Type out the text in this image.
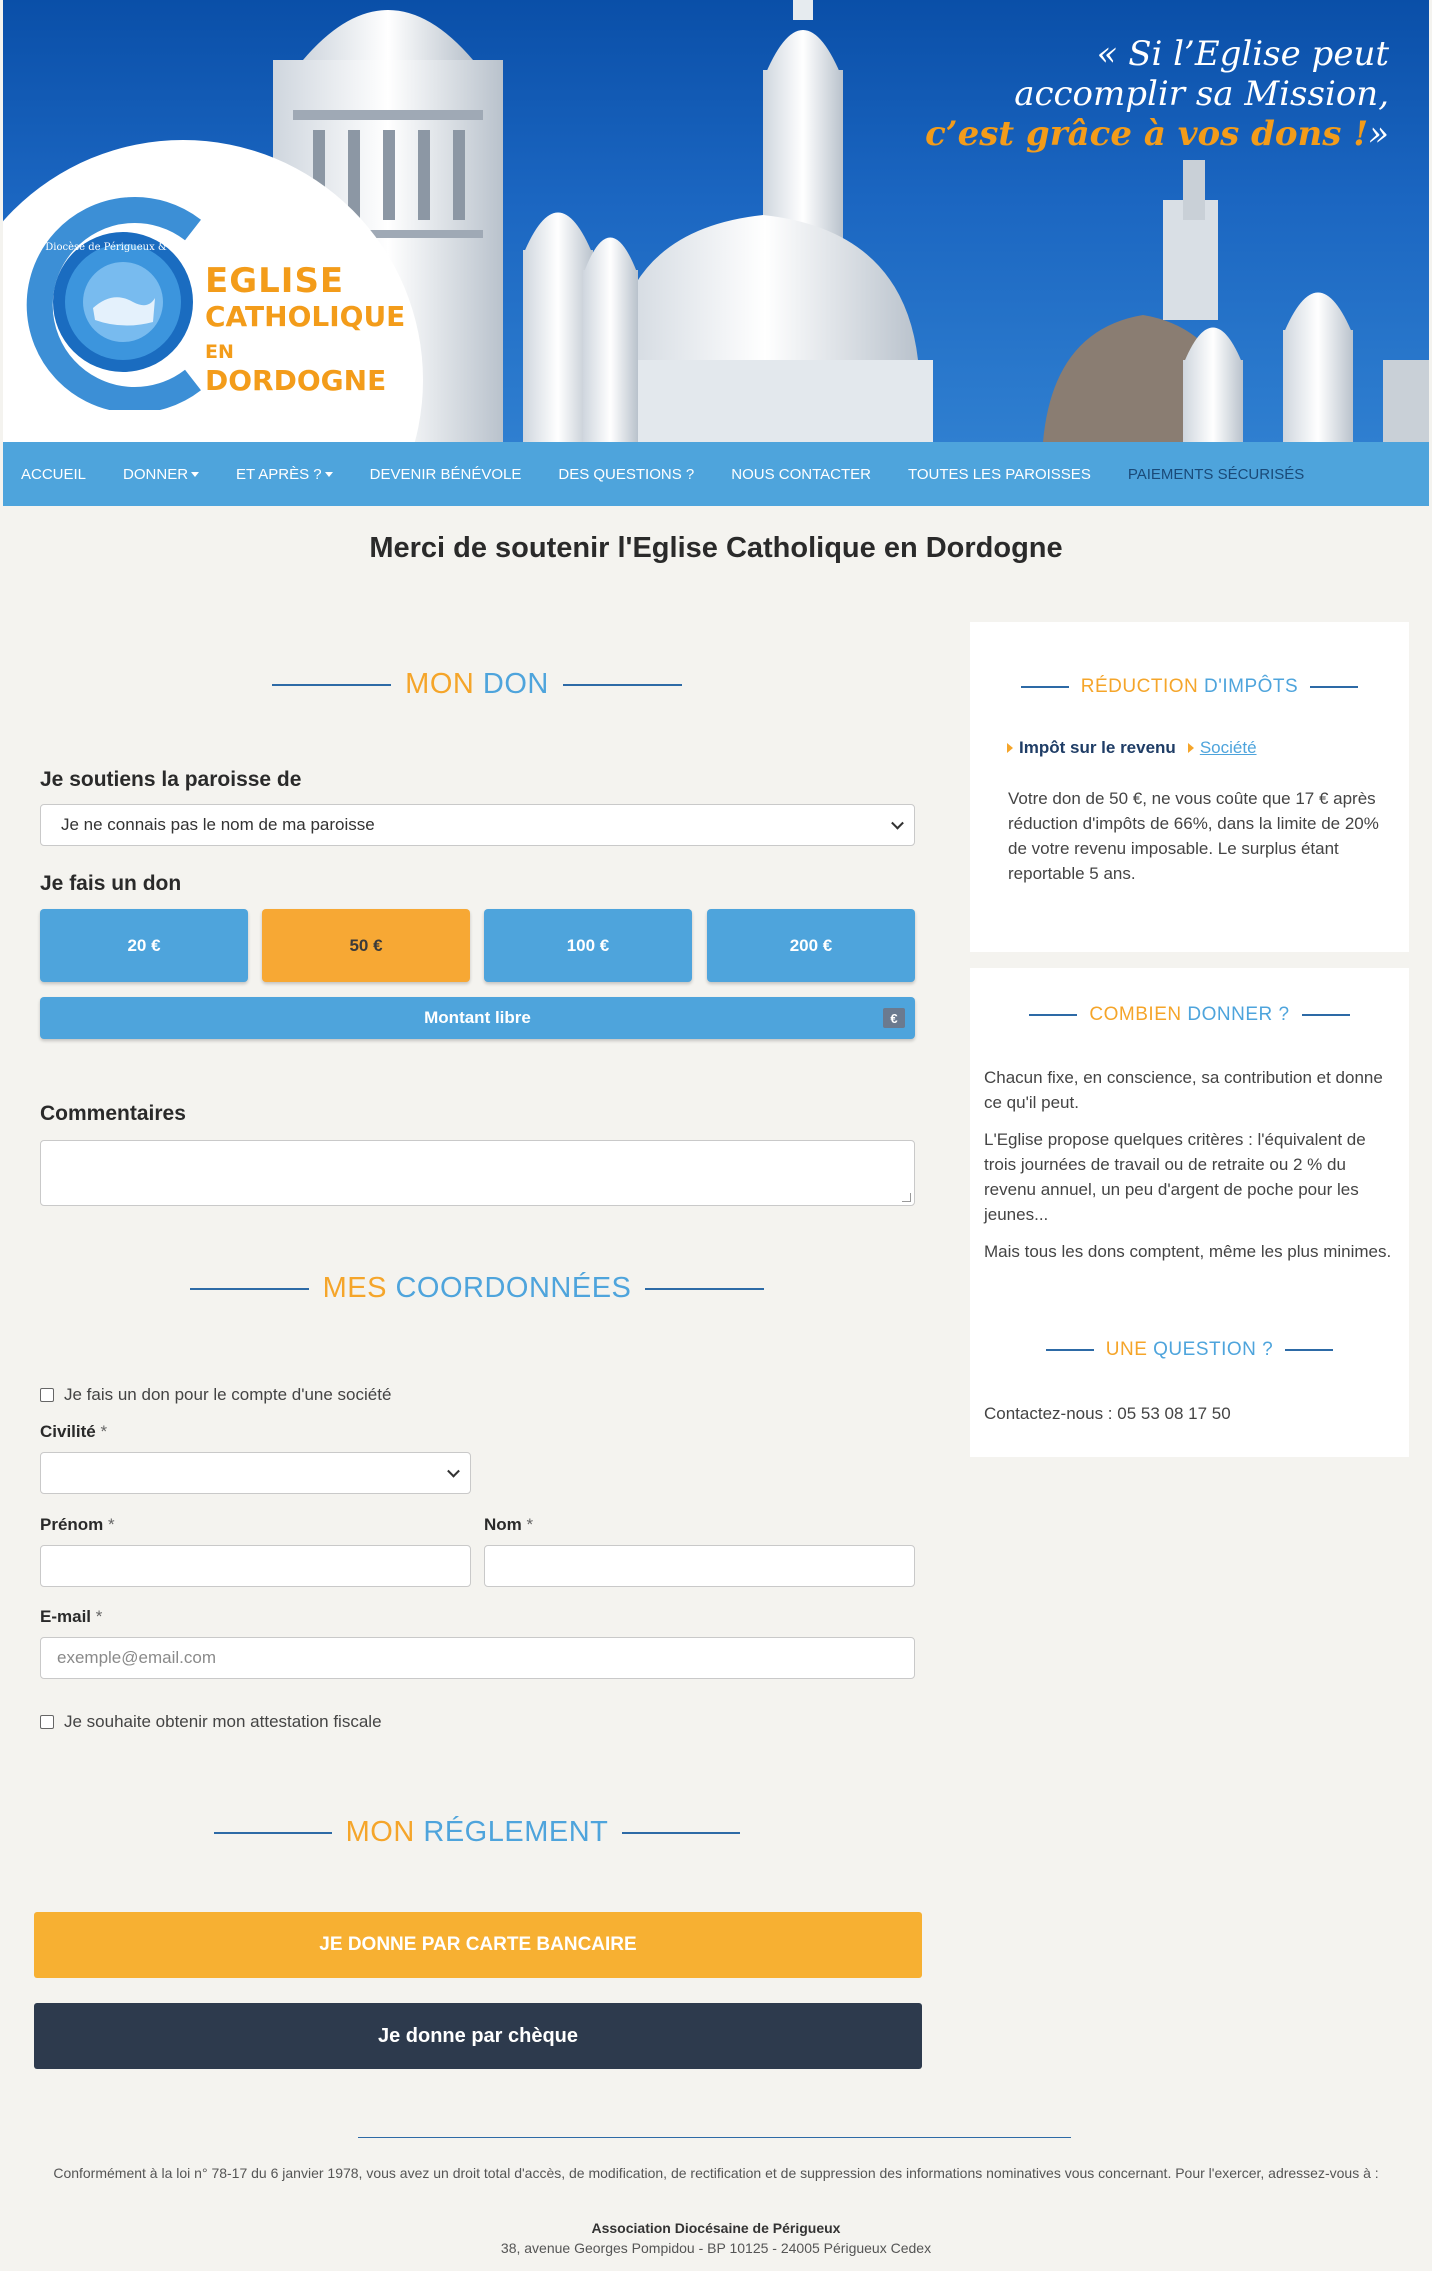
Diocèse de Périgueux & Sarlat
EGLISE
CATHOLIQUE
EN DORDOGNE
« Si l’Eglise peut
accomplir sa Mission,
c’est grâce à vos dons !»
ACCUEIL DONNER	ET APRÈS ?	DEVENIR BÉNÉVOLE DES QUESTIONS ? NOUS CONTACTER TOUTES LES PAROISSES PAIEMENTS SÉCURISÉS
Merci de soutenir l'Eglise Catholique en Dordogne
MON DON
Je soutiens la paroisse de
Je ne connais pas le nom de ma paroisse
Je fais un don
20 €	50 €	100 €	200 €
Montant libre	€
Commentaires
MES COORDONNÉES
Je fais un don pour le compte d'une société
Civilité *
Prénom *	Nom *
E-mail *
exemple@email.com
Je souhaite obtenir mon attestation fiscale
MON RÉGLEMENT
JE DONNE PAR CARTE BANCAIRE
Je donne par chèque
RÉDUCTION D'IMPÔTS
Impôt sur le revenu Société
Votre don de 50 €, ne vous coûte que 17 € après réduction d'impôts de 66%, dans la limite de 20% de votre revenu imposable. Le surplus étant reportable 5 ans.
COMBIEN DONNER ?
Chacun fixe, en conscience, sa contribution et donne ce qu'il peut.
L'Eglise propose quelques critères : l'équivalent de trois journées de travail ou de retraite ou 2 % du revenu annuel, un peu d'argent de poche pour les jeunes...
Mais tous les dons comptent, même les plus minimes.
UNE QUESTION ?
Contactez-nous : 05 53 08 17 50
Conformément à la loi n° 78-17 du 6 janvier 1978, vous avez un droit total d'accès, de modification, de rectification et de suppression des informations nominatives vous concernant. Pour l'exercer, adressez-vous à :
Association Diocésaine de Périgueux
38, avenue Georges Pompidou - BP 10125 - 24005 Périgueux Cedex
